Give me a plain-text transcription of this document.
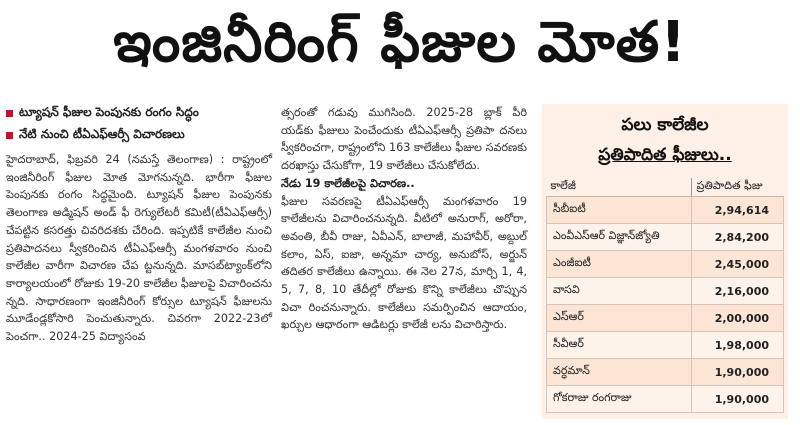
ఇంజినీరింగ్ ఫీజుల మోత!
ట్యూషన్ ఫీజుల పెంపునకు రంగం సిద్ధం
నేటి నుంచి టీఏఎఫ్ఆర్సీ విచారణలు

హైదరాబాద్, ఫిబ్రవరి 24 (నమస్తే తెలంగాణ) : రాష్ట్రంలో ఇంజినీరింగ్ ఫీజుల మోత మోగనున్నది. భారీగా ఫీజుల పెంపునకు రంగం సిద్ధమైంది. ట్యూషన్ ఫీజుల పెంపునకు తెలంగాణ అడ్మిషన్ అండ్ ఫీ రెగ్యులేటరీ కమిటీ(టీఏఎఫ్ఆర్సీ) చేపట్టిన కసరత్తు చివరిదశకు చేరింది. ఇప్పటికే కాలేజీల నుంచి ప్రతిపాదనలు స్వీకరించిన టీఏఎఫ్ఆర్సీ మంగళవారం నుంచి కాలేజీల వారీగా విచారణ చేప ట్టనున్నది. మాసబ్‌ట్యాంక్‌లోని కార్యాలయంలో రోజుకు 19-20 కాలేజీల ఫీజులపై విచారించను న్నది. సాధారణంగా ఇంజినీరింగ్ కోర్సుల ట్యూషన్ ఫీజులను మూడేండ్లకోసారి పెంచుతున్నారు. చివరగా 2022-23లో పెంచగా.. 2024-25 విద్యాసంవ

త్సరంతో గడువు ముగిసింది. 2025-28 బ్లాక్ పీరి యడ్‌కు ఫీజులు పెంచేందుకు టీఏఎఫ్ఆర్సీ ప్రతిపా దనలు స్వీకరించగా, రాష్ట్రంలోని 163 కాలేజీలు ఫీజుల సవరణకు దరఖాస్తు చేసుకోగా, 19 కాలేజీలు చేసుకోలేదు.

నేడు 19 కాలేజీలపై విచారణ..

ఫీజుల సవరణపై టీఏఎఫ్ఆర్సీ మంగళవారం 19 కాలేజీలను విచారించనున్నది. వీటిలో అనురాగ్, అరోరా, అవంతి, బీవీ రాజు, ఏవీఎన్, బాలాజీ, మహావీర్, అబ్దుల్ కలాం, ఏస్, ఐజా, అన్నమా చార్య, అనుబోస్, అర్జున్ తదితర కాలేజీలు ఉన్నాయి. ఈ నెల 27న, మార్చి 1, 4, 5, 7, 8, 10 తేదీల్లో రోజుకు కొన్ని కాలేజీలు చొప్పున విచా రించనున్నారు. కాలేజీలు సమర్పించిన ఆదాయం, ఖర్చుల ఆధారంగా ఆడిటర్లు కాలేజీ లను విచారిస్తారు.

పలు కాలేజీల
ప్రతిపాదిత ఫీజులు..
కాలేజీ	ప్రతిపాదిత ఫీజు
సీబీఐటీ	2,94,614
ఎంవీఎస్ఆర్ విజ్ఞాన్‌జ్యోతి	2,84,200
ఎంజీఐటీ	2,45,000
వాసవి	2,16,000
ఎస్ఆర్	2,00,000
సీవీఆర్	1,98,000
వర్ధమాన్	1,90,000
గోకరాజు రంగరాజు	1,90,000
